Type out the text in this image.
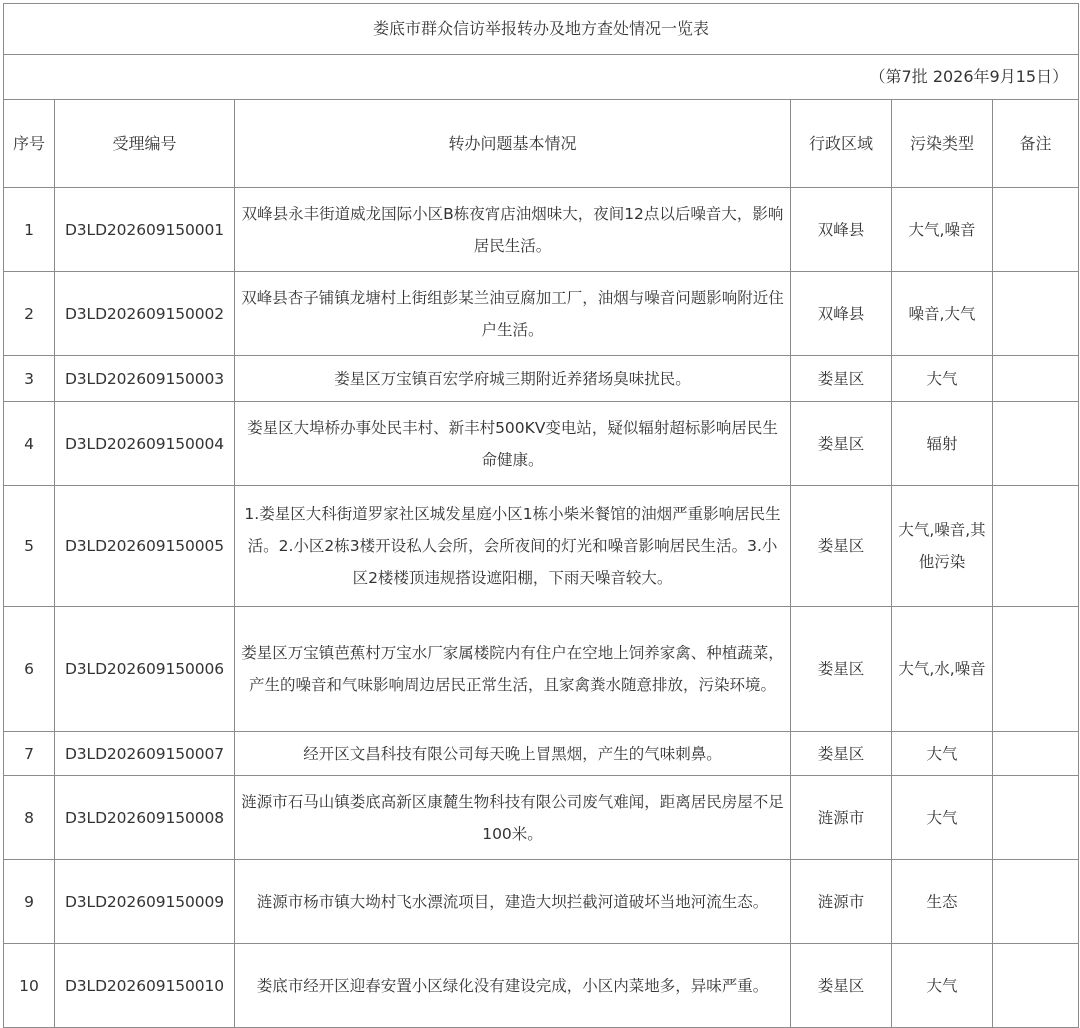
娄底市群众信访举报转办及地方查处情况一览表					
（第7批 2026年9月15日）					
序号	受理编号	转办问题基本情况	行政区域	污染类型	备注
1	D3LD202609150001	双峰县永丰街道威龙国际小区B栋夜宵店油烟味大，夜间12点以后噪音大，影响居民生活。	双峰县	大气,噪音	
2	D3LD202609150002	双峰县杏子铺镇龙塘村上街组彭某兰油豆腐加工厂，油烟与噪音问题影响附近住户生活。	双峰县	噪音,大气	
3	D3LD202609150003	娄星区万宝镇百宏学府城三期附近养猪场臭味扰民。	娄星区	大气	
4	D3LD202609150004	娄星区大埠桥办事处民丰村、新丰村500KV变电站，疑似辐射超标影响居民生命健康。	娄星区	辐射	
5	D3LD202609150005	1.娄星区大科街道罗家社区城发星庭小区1栋小柴米餐馆的油烟严重影响居民生活。2.小区2栋3楼开设私人会所，会所夜间的灯光和噪音影响居民生活。3.小区2楼楼顶违规搭设遮阳棚，下雨天噪音较大。	娄星区	大气,噪音,其他污染	
6	D3LD202609150006	娄星区万宝镇芭蕉村万宝水厂家属楼院内有住户在空地上饲养家禽、种植蔬菜，产生的噪音和气味影响周边居民正常生活，且家禽粪水随意排放，污染环境。	娄星区	大气,水,噪音	
7	D3LD202609150007	经开区文昌科技有限公司每天晚上冒黑烟，产生的气味刺鼻。	娄星区	大气	
8	D3LD202609150008	涟源市石马山镇娄底高新区康麓生物科技有限公司废气难闻，距离居民房屋不足100米。	涟源市	大气	
9	D3LD202609150009	涟源市杨市镇大坳村飞水漂流项目，建造大坝拦截河道破坏当地河流生态。	涟源市	生态	
10	D3LD202609150010	娄底市经开区迎春安置小区绿化没有建设完成，小区内菜地多，异味严重。	娄星区	大气	
